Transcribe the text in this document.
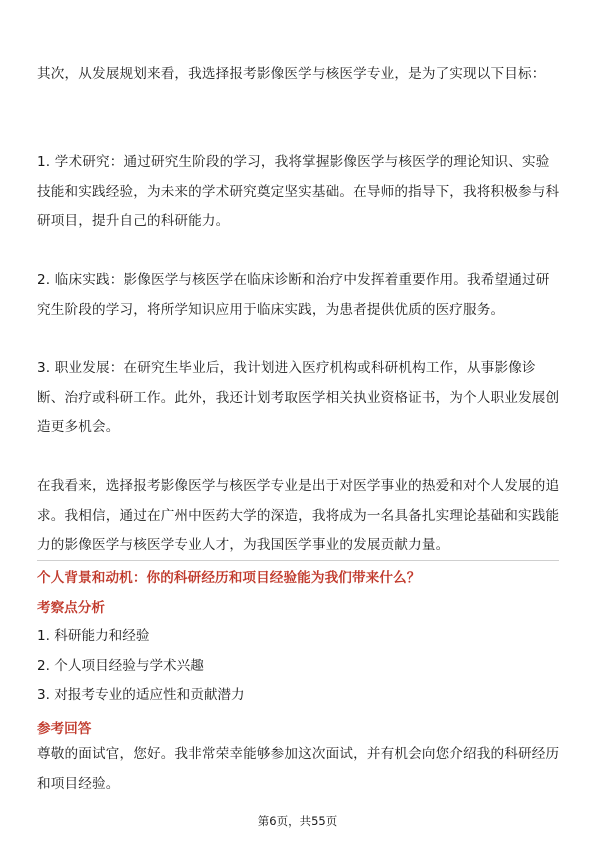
其次，从发展规划来看，我选择报考影像医学与核医学专业，是为了实现以下目标：

1. 学术研究：通过研究生阶段的学习，我将掌握影像医学与核医学的理论知识、实验技能和实践经验，为未来的学术研究奠定坚实基础。在导师的指导下，我将积极参与科研项目，提升自己的科研能力。

2. 临床实践：影像医学与核医学在临床诊断和治疗中发挥着重要作用。我希望通过研究生阶段的学习，将所学知识应用于临床实践，为患者提供优质的医疗服务。

3. 职业发展：在研究生毕业后，我计划进入医疗机构或科研机构工作，从事影像诊断、治疗或科研工作。此外，我还计划考取医学相关执业资格证书，为个人职业发展创造更多机会。

在我看来，选择报考影像医学与核医学专业是出于对医学事业的热爱和对个人发展的追求。我相信，通过在广州中医药大学的深造，我将成为一名具备扎实理论基础和实践能力的影像医学与核医学专业人才，为我国医学事业的发展贡献力量。

个人背景和动机：你的科研经历和项目经验能为我们带来什么？

考察点分析

1. 科研能力和经验
2. 个人项目经验与学术兴趣
3. 对报考专业的适应性和贡献潜力

参考回答

尊敬的面试官，您好。我非常荣幸能够参加这次面试，并有机会向您介绍我的科研经历和项目经验。

第6页，共55页
